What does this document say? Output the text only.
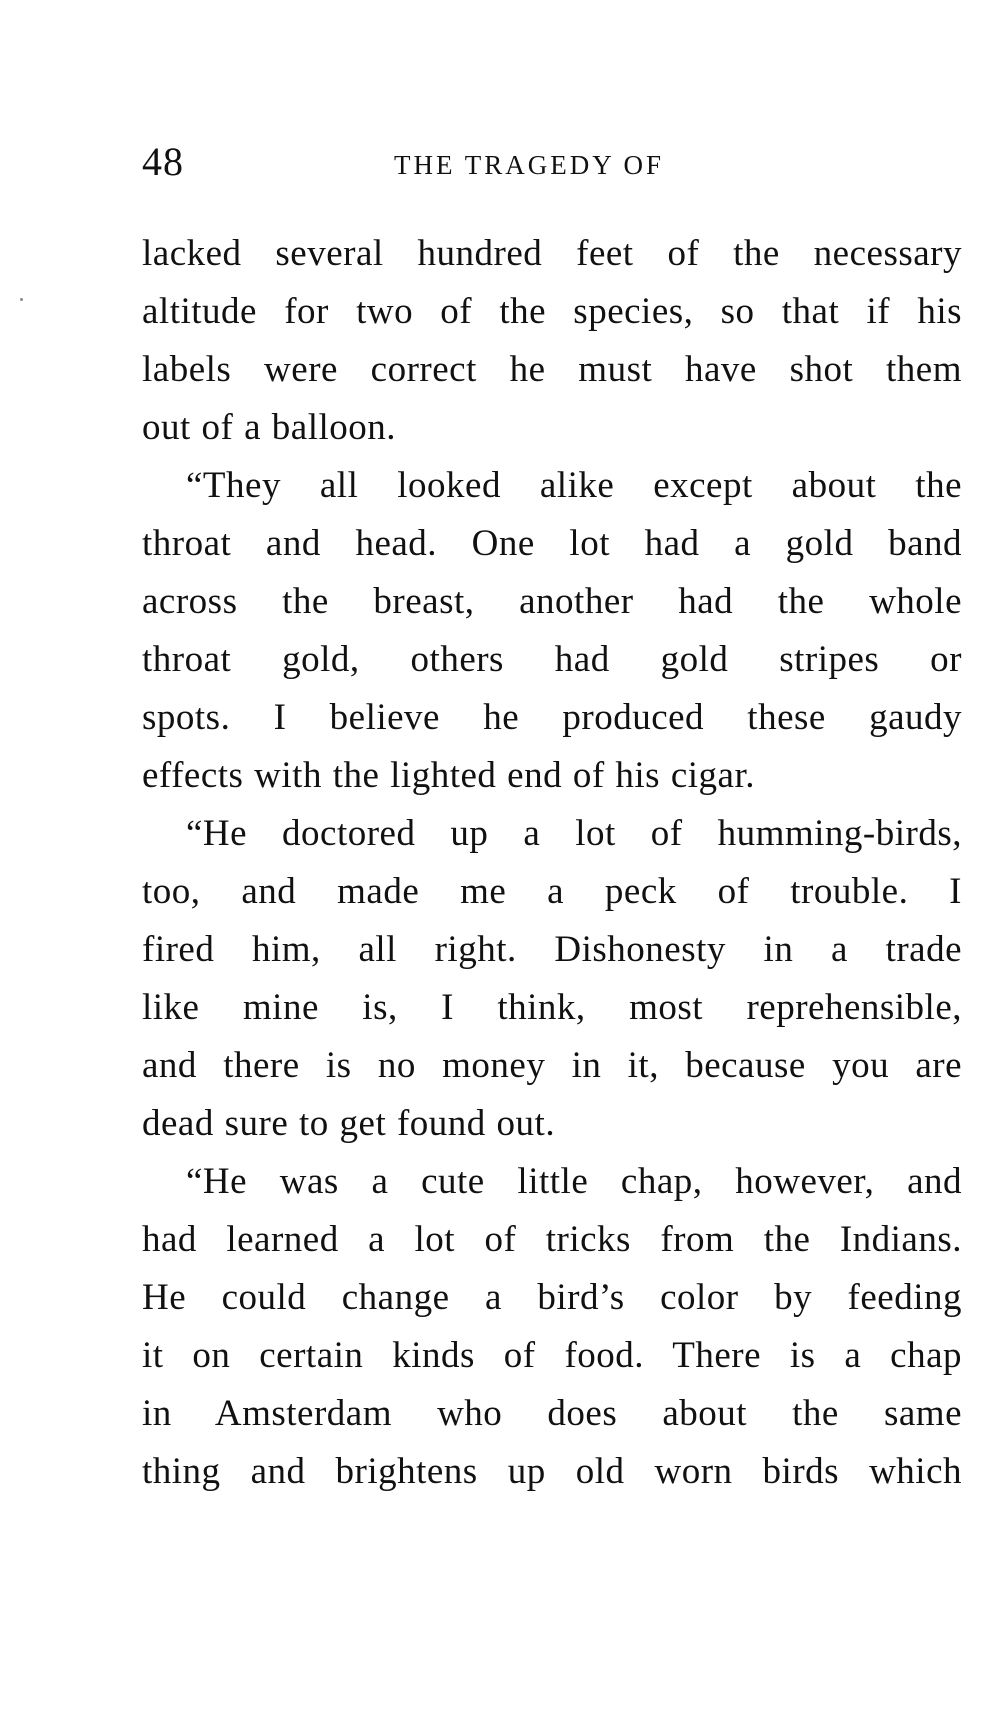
48	THE TRAGEDY OF
lacked several hundred feet of the necessary
altitude for two of the species, so that if his
labels were correct he must have shot them
out of a balloon.
“They all looked alike except about the
throat and head. One lot had a gold band
across the breast, another had the whole
throat gold, others had gold stripes or
spots. I believe he produced these gaudy
effects with the lighted end of his cigar.
“He doctored up a lot of humming-birds,
too, and made me a peck of trouble. I
fired him, all right. Dishonesty in a trade
like mine is, I think, most reprehensible,
and there is no money in it, because you are
dead sure to get found out.
“He was a cute little chap, however, and
had learned a lot of tricks from the Indians.
He could change a bird’s color by feeding
it on certain kinds of food. There is a chap
in Amsterdam who does about the same
thing and brightens up old worn birds which
